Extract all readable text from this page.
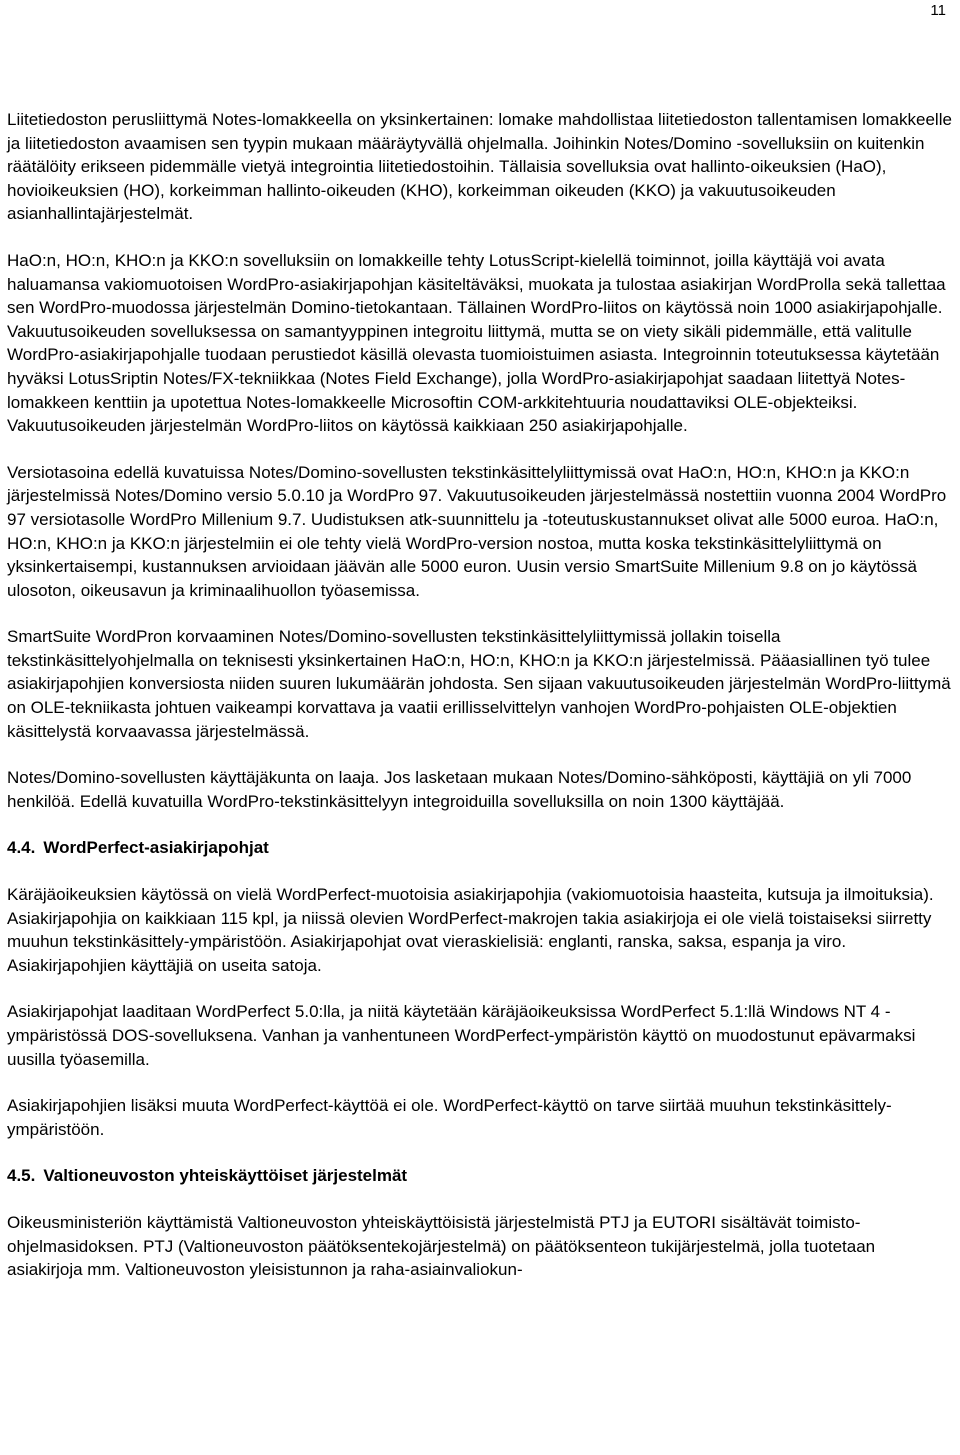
11

Liitetiedoston perusliittymä Notes-lomakkeella on yksinkertainen: lomake mahdollistaa liitetiedoston tallentamisen lomakkeelle ja liitetiedoston avaamisen sen tyypin mukaan määräytyvällä ohjelmalla. Joihinkin Notes/Domino -sovelluksiin on kuitenkin räätälöity erikseen pidemmälle vietyä integrointia liitetiedostoihin. Tällaisia sovelluksia ovat hallinto-oikeuksien (HaO), hovioikeuksien (HO), korkeimman hallinto-oikeuden (KHO), korkeimman oikeuden (KKO) ja vakuutusoikeuden asianhallintajärjestelmät.

HaO:n, HO:n, KHO:n ja KKO:n sovelluksiin on lomakkeille tehty LotusScript-kielellä toiminnot, joilla käyttäjä voi avata haluamansa vakiomuotoisen WordPro-asiakirjapohjan käsiteltäväksi, muokata ja tulostaa asiakirjan WordProlla sekä tallettaa sen WordPro-muodossa järjestelmän Domino-tietokantaan. Tällainen WordPro-liitos on käytössä noin 1000 asiakirjapohjalle. Vakuutusoikeuden sovelluksessa on samantyyppinen integroitu liittymä, mutta se on viety sikäli pidemmälle, että valitulle WordPro-asiakirjapohjalle tuodaan perustiedot käsillä olevasta tuomioistuimen asiasta. Integroinnin toteutuksessa käytetään hyväksi LotusSriptin Notes/FX-tekniikkaa (Notes Field Exchange), jolla WordPro-asiakirjapohjat saadaan liitettyä Notes-lomakkeen kenttiin ja upotettua Notes-lomakkeelle Microsoftin COM-arkkitehtuuria noudattaviksi OLE-objekteiksi. Vakuutusoikeuden järjestelmän WordPro-liitos on käytössä kaikkiaan 250 asiakirjapohjalle.

Versiotasoina edellä kuvatuissa Notes/Domino-sovellusten tekstinkäsittelyliittymissä ovat HaO:n, HO:n, KHO:n ja KKO:n järjestelmissä Notes/Domino versio 5.0.10 ja WordPro 97. Vakuutusoikeuden järjestelmässä nostettiin vuonna 2004 WordPro 97 versiotasolle WordPro Millenium 9.7. Uudistuksen atk-suunnittelu ja -toteutuskustannukset olivat alle 5000 euroa. HaO:n, HO:n, KHO:n ja KKO:n järjestelmiin ei ole tehty vielä WordPro-version nostoa, mutta koska tekstinkäsittelyliittymä on yksinkertaisempi, kustannuksen arvioidaan jäävän alle 5000 euron. Uusin versio SmartSuite Millenium 9.8 on jo käytössä ulosoton, oikeusavun ja kriminaalihuollon työasemissa.

SmartSuite WordPron korvaaminen Notes/Domino-sovellusten tekstinkäsittelyliittymissä jollakin toisella tekstinkäsittelyohjelmalla on teknisesti yksinkertainen HaO:n, HO:n, KHO:n ja KKO:n järjestelmissä. Pääasiallinen työ tulee asiakirjapohjien konversiosta niiden suuren lukumäärän johdosta. Sen sijaan vakuutusoikeuden järjestelmän WordPro-liittymä on OLE-tekniikasta johtuen vaikeampi korvattava ja vaatii erillisselvittelyn vanhojen WordPro-pohjaisten OLE-objektien käsittelystä korvaavassa järjestelmässä.

Notes/Domino-sovellusten käyttäjäkunta on laaja. Jos lasketaan mukaan Notes/Domino-sähköposti, käyttäjiä on yli 7000 henkilöä. Edellä kuvatuilla WordPro-tekstinkäsittelyyn integroiduilla sovelluksilla on noin 1300 käyttäjää.

4.4. WordPerfect-asiakirjapohjat

Käräjäoikeuksien käytössä on vielä WordPerfect-muotoisia asiakirjapohjia (vakiomuotoisia haasteita, kutsuja ja ilmoituksia). Asiakirjapohjia on kaikkiaan 115 kpl, ja niissä olevien WordPerfect-makrojen takia asiakirjoja ei ole vielä toistaiseksi siirretty muuhun tekstinkäsittely-ympäristöön. Asiakirjapohjat ovat vieraskielisiä: englanti, ranska, saksa, espanja ja viro. Asiakirjapohjien käyttäjiä on useita satoja.

Asiakirjapohjat laaditaan WordPerfect 5.0:lla, ja niitä käytetään käräjäoikeuksissa WordPerfect 5.1:llä Windows NT 4 -ympäristössä DOS-sovelluksena. Vanhan ja vanhentuneen WordPerfect-ympäristön käyttö on muodostunut epävarmaksi uusilla työasemilla.

Asiakirjapohjien lisäksi muuta WordPerfect-käyttöä ei ole. WordPerfect-käyttö on tarve siirtää muuhun tekstinkäsittely-ympäristöön.

4.5. Valtioneuvoston yhteiskäyttöiset järjestelmät

Oikeusministeriön käyttämistä Valtioneuvoston yhteiskäyttöisistä järjestelmistä PTJ ja EUTORI sisältävät toimisto-ohjelmasidoksen. PTJ (Valtioneuvoston päätöksentekojärjestelmä) on päätöksenteon tukijärjestelmä, jolla tuotetaan asiakirjoja mm. Valtioneuvoston yleisistunnon ja raha-asiainvaliokun-
